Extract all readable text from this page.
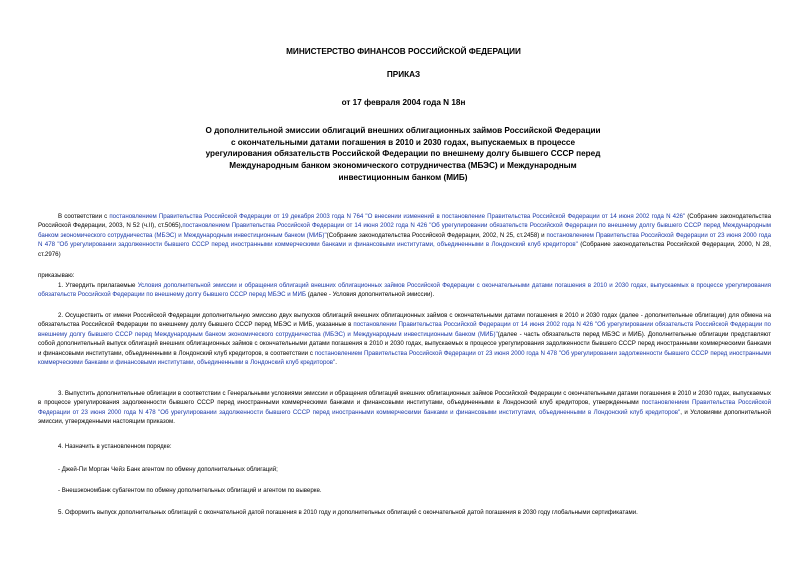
МИНИСТЕРСТВО ФИНАНСОВ РОССИЙСКОЙ ФЕДЕРАЦИИ
ПРИКАЗ
от 17 февраля 2004 года N 18н
О дополнительной эмиссии облигаций внешних облигационных займов Российской Федерации с окончательными датами погашения в 2010 и 2030 годах, выпускаемых в процессе урегулирования обязательств Российской Федерации по внешнему долгу бывшего СССР перед Международным банком экономического сотрудничества (МБЭС) и Международным инвестиционным банком (МИБ)
В соответствии с постановлением Правительства Российской Федерации от 19 декабря 2003 года N 764 "О внесении изменений в постановление Правительства Российской Федерации от 14 июня 2002 года N 426" (Собрание законодательства Российской Федерации, 2003, N 52 (ч.II), ст.5065),постановлением Правительства Российской Федерации от 14 июня 2002 года N 426 "Об урегулировании обязательств Российской Федерации по внешнему долгу бывшего СССР перед Международным банком экономического сотрудничества (МБЭС) и Международным инвестиционным банком (МИБ)"(Собрание законодательства Российской Федерации, 2002, N 25, ст.2458) и постановлением Правительства Российской Федерации от 23 июня 2000 года N 478 "Об урегулировании задолженности бывшего СССР перед иностранными коммерческими банками и финансовыми институтами, объединенными в Лондонский клуб кредиторов" (Собрание законодательства Российской Федерации, 2000, N 28, ст.2976)
приказываю:
1. Утвердить прилагаемые Условия дополнительной эмиссии и обращения облигаций внешних облигационных займов Российской Федерации с окончательными датами погашения в 2010 и 2030 годах, выпускаемых в процессе урегулирования обязательств Российской Федерации по внешнему долгу бывшего СССР перед МБЭС и МИБ (далее - Условия дополнительной эмиссии).
2. Осуществить от имени Российской Федерации дополнительную эмиссию двух выпусков облигаций внешних облигационных займов с окончательными датами погашения в 2010 и 2030 годах (далее - дополнительные облигации) для обмена на обязательства Российской Федерации по внешнему долгу бывшего СССР перед МБЭС и МИБ, указанные в постановлении Правительства Российской Федерации от 14 июня 2002 года N 426 "Об урегулировании обязательств Российской Федерации по внешнему долгу бывшего СССР перед Международным банком экономического сотрудничества (МБЭС) и Международным инвестиционным банком (МИБ)"(далее - часть обязательств перед МБЭС и МИБ). Дополнительные облигации представляют собой дополнительный выпуск облигаций внешних облигационных займов с окончательными датами погашения в 2010 и 2030 годах, выпускаемых в процессе урегулирования задолженности бывшего СССР перед иностранными коммерческими банками и финансовыми институтами, объединенными в Лондонский клуб кредиторов, в соответствии с постановлением Правительства Российской Федерации от 23 июня 2000 года N 478 "Об урегулировании задолженности бывшего СССР перед иностранными коммерческими банками и финансовыми институтами, объединенными в Лондонский клуб кредиторов".
3. Выпустить дополнительные облигации в соответствии с Генеральными условиями эмиссии и обращения облигаций внешних облигационных займов Российской Федерации с окончательными датами погашения в 2010 и 2030 годах, выпускаемых в процессе урегулирования задолженности бывшего СССР перед иностранными коммерческими банками и финансовыми институтами, объединенными в Лондонский клуб кредиторов, утвержденными постановлением Правительства Российской Федерации от 23 июня 2000 года N 478 "Об урегулировании задолженности бывшего СССР перед иностранными коммерческими банками и финансовыми институтами, объединенными в Лондонский клуб кредиторов", и Условиями дополнительной эмиссии, утвержденными настоящим приказом.
4. Назначить в установленном порядке:
- Джей-Пи Морган Чейз Банк агентом по обмену дополнительных облигаций;
- Внешэкономбанк субагентом по обмену дополнительных облигаций и агентом по выверке.
5. Оформить выпуск дополнительных облигаций с окончательной датой погашения в 2010 году и дополнительных облигаций с окончательной датой погашения в 2030 году глобальными сертификатами.
